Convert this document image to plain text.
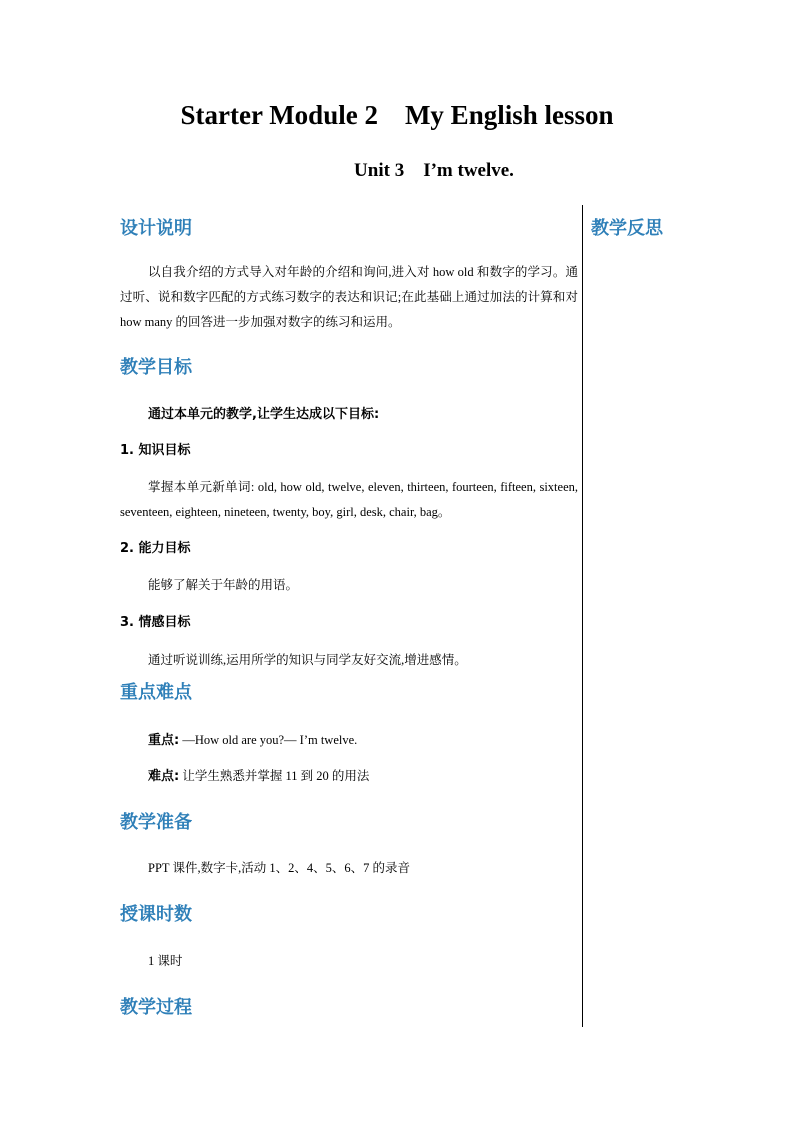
Starter Module 2    My English lesson
Unit 3    I’m twelve.
设计说明

以自我介绍的方式导入对年龄的介绍和询问,进入对 how old 和数字的学习。通过听、说和数字匹配的方式练习数字的表达和识记;在此基础上通过加法的计算和对 how many 的回答进一步加强对数字的练习和运用。

教学目标

通过本单元的教学,让学生达成以下目标:

1. 知识目标

掌握本单元新单词: old, how old, twelve, eleven, thirteen, fourteen, fifteen, sixteen, seventeen, eighteen, nineteen, twenty, boy, girl, desk, chair, bag。

2. 能力目标

能够了解关于年龄的用语。

3. 情感目标

通过听说训练,运用所学的知识与同学友好交流,增进感情。

重点难点

重点: —How old are you?— I’m twelve.

难点: 让学生熟悉并掌握 11 到 20 的用法

教学准备

PPT 课件,数字卡,活动 1、2、4、5、6、7 的录音

授课时数

1 课时

教学过程
教学反思
